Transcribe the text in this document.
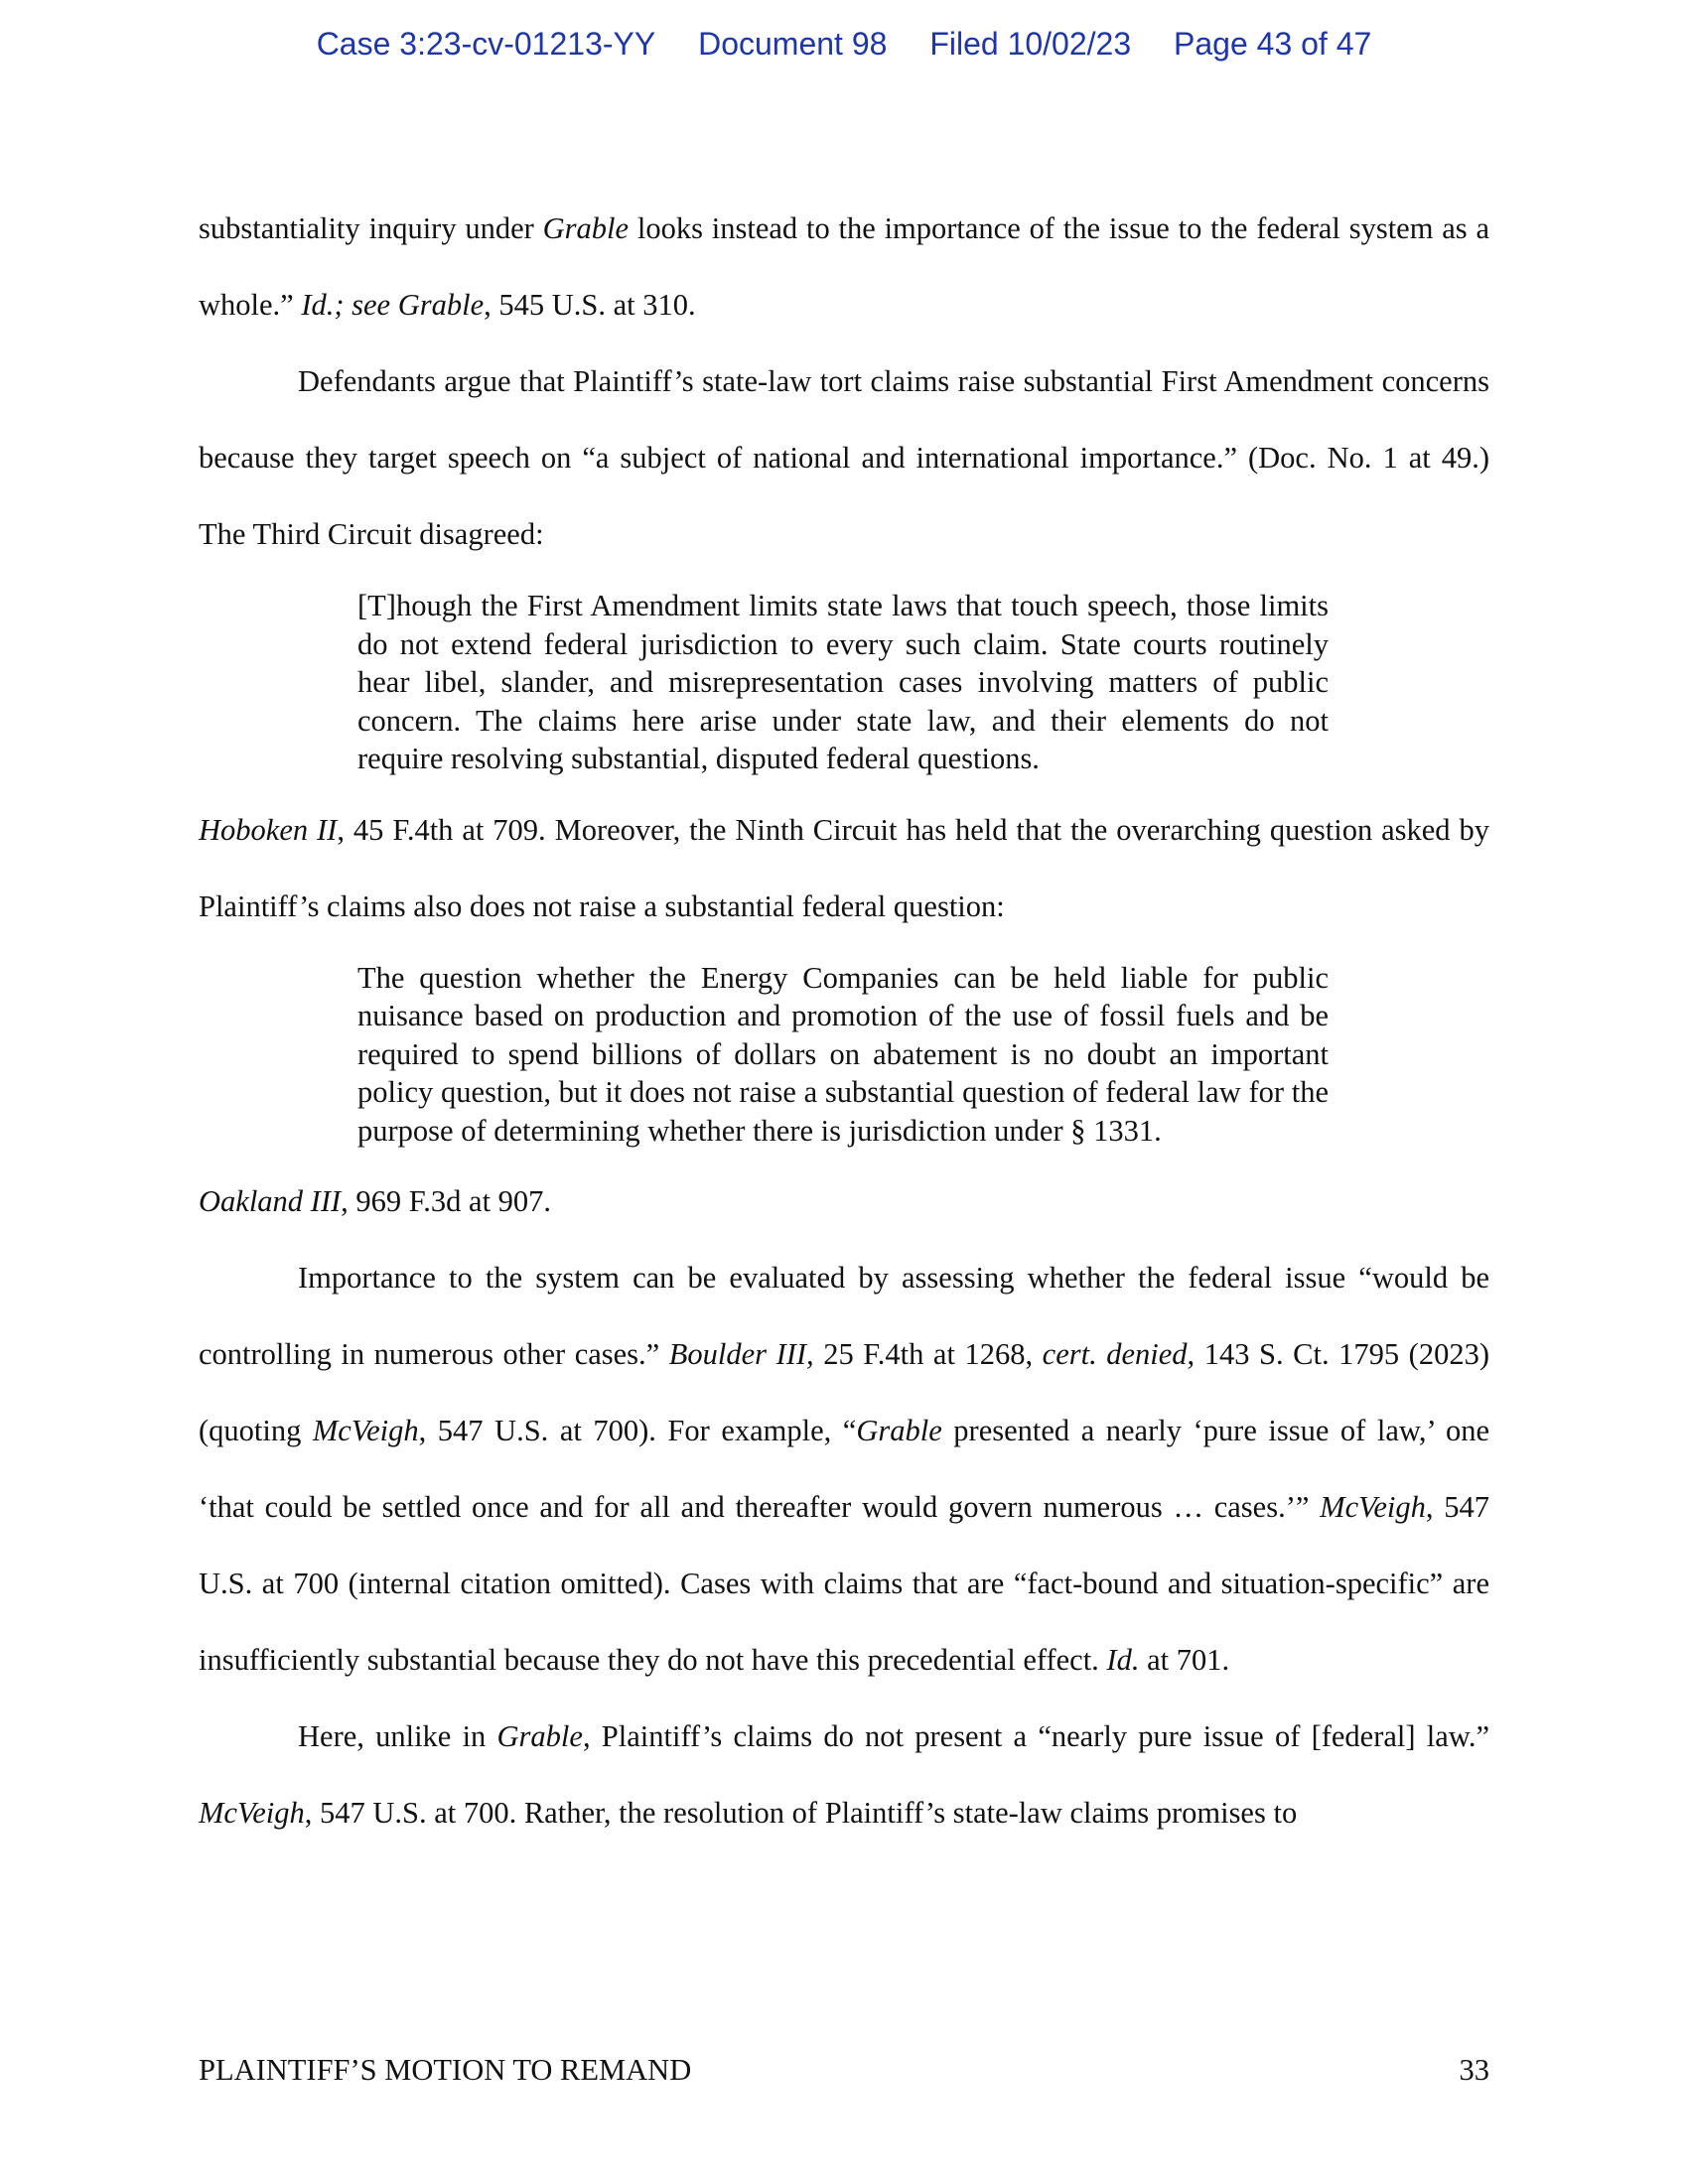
Case 3:23-cv-01213-YY Document 98 Filed 10/02/23 Page 43 of 47

substantiality inquiry under Grable looks instead to the importance of the issue to the federal system as a whole.” Id.; see Grable, 545 U.S. at 310.

Defendants argue that Plaintiff’s state-law tort claims raise substantial First Amendment concerns because they target speech on “a subject of national and international importance.” (Doc. No. 1 at 49.) The Third Circuit disagreed:

[T]hough the First Amendment limits state laws that touch speech, those limits do not extend federal jurisdiction to every such claim. State courts routinely hear libel, slander, and misrepresentation cases involving matters of public concern. The claims here arise under state law, and their elements do not require resolving substantial, disputed federal questions.

Hoboken II, 45 F.4th at 709. Moreover, the Ninth Circuit has held that the overarching question asked by Plaintiff’s claims also does not raise a substantial federal question:

The question whether the Energy Companies can be held liable for public nuisance based on production and promotion of the use of fossil fuels and be required to spend billions of dollars on abatement is no doubt an important policy question, but it does not raise a substantial question of federal law for the purpose of determining whether there is jurisdiction under § 1331.

Oakland III, 969 F.3d at 907.

Importance to the system can be evaluated by assessing whether the federal issue “would be controlling in numerous other cases.” Boulder III, 25 F.4th at 1268, cert. denied, 143 S. Ct. 1795 (2023) (quoting McVeigh, 547 U.S. at 700). For example, “Grable presented a nearly ‘pure issue of law,’ one ‘that could be settled once and for all and thereafter would govern numerous … cases.’” McVeigh, 547 U.S. at 700 (internal citation omitted). Cases with claims that are “fact-bound and situation-specific” are insufficiently substantial because they do not have this precedential effect. Id. at 701.

Here, unlike in Grable, Plaintiff’s claims do not present a “nearly pure issue of [federal] law.” McVeigh, 547 U.S. at 700. Rather, the resolution of Plaintiff’s state-law claims promises to

PLAINTIFF’S MOTION TO REMAND	33
